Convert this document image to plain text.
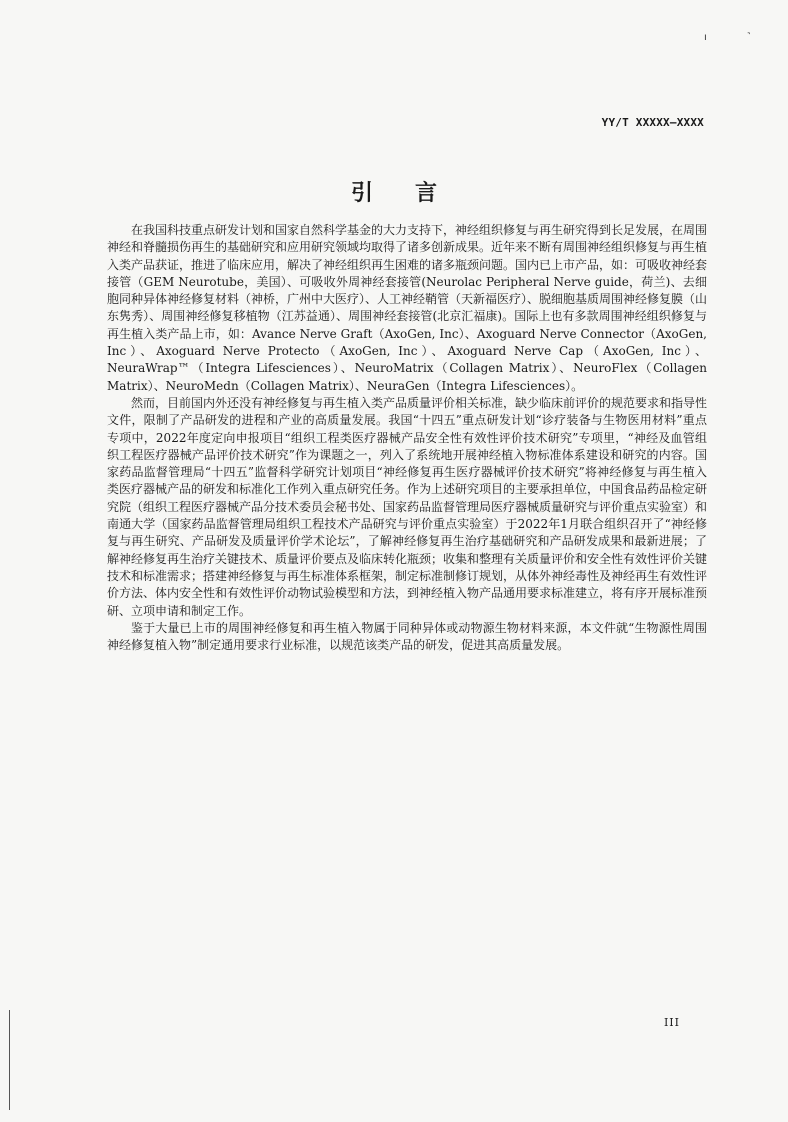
ı	˺
YY/T XXXXX—XXXX
引言

在我国科技重点研发计划和国家自然科学基金的大力支持下，神经组织修复与再生研究得到长足发展，在周围神经和脊髓损伤再生的基础研究和应用研究领域均取得了诸多创新成果。近年来不断有周围神经组织修复与再生植入类产品获证，推进了临床应用，解决了神经组织再生困难的诸多瓶颈问题。国内已上市产品，如：可吸收神经套接管（GEM Neurotube，美国）、可吸收外周神经套接管(Neurolac Peripheral Nerve guide，荷兰)、去细胞同种异体神经修复材料（神桥，广州中大医疗）、人工神经鞘管（天新福医疗）、脱细胞基质周围神经修复膜（山东隽秀）、周围神经修复移植物（江苏益通）、周围神经套接管(北京汇福康)。国际上也有多款周围神经组织修复与再生植入类产品上市，如：Avance Nerve Graft（AxoGen, Inc）、Axoguard Nerve Connector（AxoGen, Inc）、Axoguard Nerve Protecto（AxoGen, Inc）、Axoguard Nerve Cap（AxoGen, Inc）、NeuraWrap™（Integra Lifesciences）、NeuroMatrix（Collagen Matrix）、NeuroFlex（Collagen Matrix）、NeuroMedn（Collagen Matrix）、NeuraGen（Integra Lifesciences）。

然而，目前国内外还没有神经修复与再生植入类产品质量评价相关标准，缺少临床前评价的规范要求和指导性文件，限制了产品研发的进程和产业的高质量发展。我国“十四五”重点研发计划“诊疗装备与生物医用材料”重点专项中，2022年度定向申报项目“组织工程类医疗器械产品安全性有效性评价技术研究”专项里，“神经及血管组织工程医疗器械产品评价技术研究”作为课题之一，列入了系统地开展神经植入物标准体系建设和研究的内容。国家药品监督管理局“十四五”监督科学研究计划项目“神经修复再生医疗器械评价技术研究”将神经修复与再生植入类医疗器械产品的研发和标准化工作列入重点研究任务。作为上述研究项目的主要承担单位，中国食品药品检定研究院（组织工程医疗器械产品分技术委员会秘书处、国家药品监督管理局医疗器械质量研究与评价重点实验室）和南通大学（国家药品监督管理局组织工程技术产品研究与评价重点实验室）于2022年1月联合组织召开了“神经修复与再生研究、产品研发及质量评价学术论坛”，了解神经修复再生治疗基础研究和产品研发成果和最新进展；了解神经修复再生治疗关键技术、质量评价要点及临床转化瓶颈；收集和整理有关质量评价和安全性有效性评价关键技术和标准需求；搭建神经修复与再生标准体系框架，制定标准制修订规划，从体外神经毒性及神经再生有效性评价方法、体内安全性和有效性评价动物试验模型和方法，到神经植入物产品通用要求标准建立，将有序开展标准预研、立项申请和制定工作。

鉴于大量已上市的周围神经修复和再生植入物属于同种异体或动物源生物材料来源，本文件就“生物源性周围神经修复植入物”制定通用要求行业标准，以规范该类产品的研发，促进其高质量发展。

III
